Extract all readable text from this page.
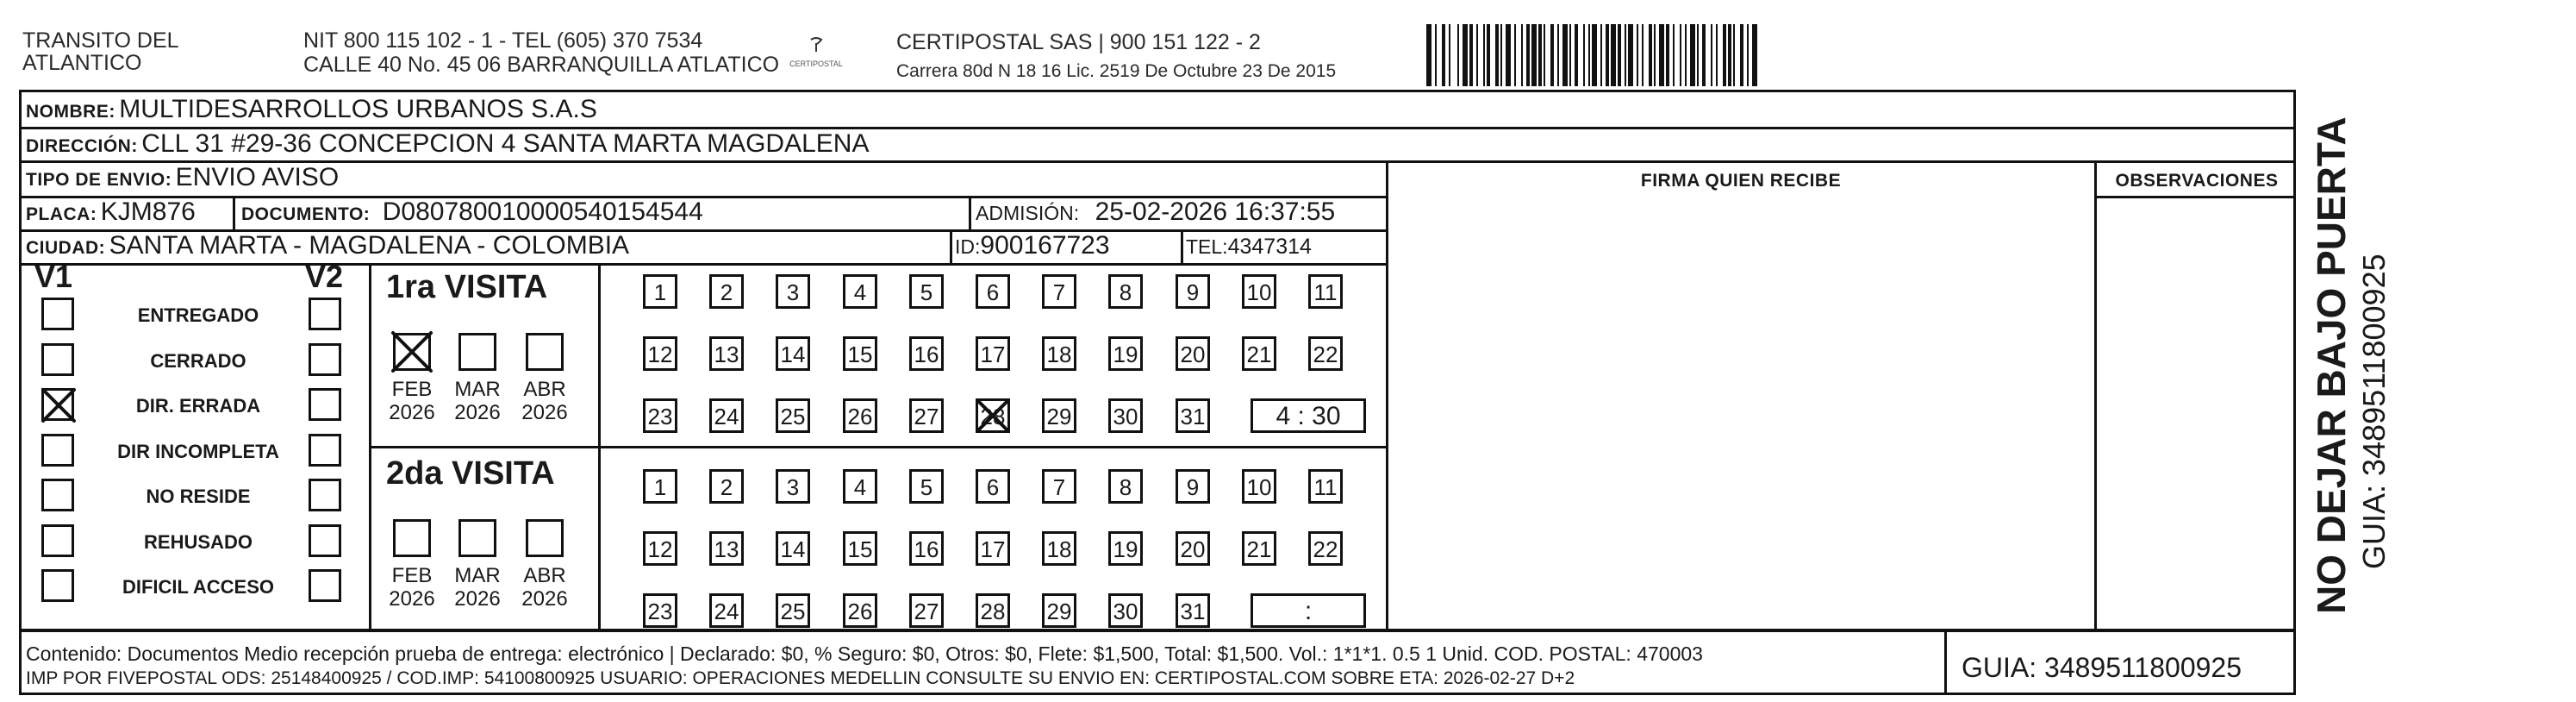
TRANSITO DEL
ATLANTICO
NIT 800 115 102 - 1 - TEL (605) 370 7534
CALLE 40 No. 45 06 BARRANQUILLA ATLATICO	CERTIPOSTAL
CERTIPOSTAL SAS | 900 151 122 - 2
Carrera 80d N 18 16 Lic. 2519 De Octubre 23 De 2015
NOMBRE: MULTIDESARROLLOS URBANOS S.A.S
DIRECCIÓN: CLL 31 #29-36 CONCEPCION 4 SANTA MARTA MAGDALENA
TIPO DE ENVIO: ENVIO AVISO	FIRMA QUIEN RECIBE	OBSERVACIONES
PLACA: KJM876	DOCUMENTO: D080780010000540154544	ADMISIÓN: 25-02-2026 16:37:55
CIUDAD: SANTA MARTA - MAGDALENA - COLOMBIA	ID:900167723	TEL:4347314
V1	V2
ENTREGADO
CERRADO
DIR. ERRADA
DIR INCOMPLETA
NO RESIDE
REHUSADO
DIFICIL ACCESO
1ra VISITA
FEB
2026
MAR
2026
ABR
2026
1	2	3	4	5	6	7	8	9	10 11
12 13 14 15 16 17 18 19 20 21 22
23 24 25 26 27 28 29 30 31	4 : 30
2da VISITA
FEB
2026
MAR
2026
ABR
2026
1	2	3	4	5	6	7	8	9	10 11
12 13 14 15 16 17 18 19 20 21 22
23 24 25 26 27 28 29 30 31	:
Contenido: Documentos Medio recepción prueba de entrega: electrónico | Declarado: $0, % Seguro: $0, Otros: $0, Flete: $1,500, Total: $1,500. Vol.: 1*1*1. 0.5 1 Unid. COD. POSTAL: 470003
IMP POR FIVEPOSTAL ODS: 25148400925 / COD.IMP: 54100800925 USUARIO: OPERACIONES MEDELLIN CONSULTE SU ENVIO EN: CERTIPOSTAL.COM SOBRE ETA: 2026-02-27 D+2	GUIA: 3489511800925
NO DEJAR BAJO PUERTA GUIA: 3489511800925
